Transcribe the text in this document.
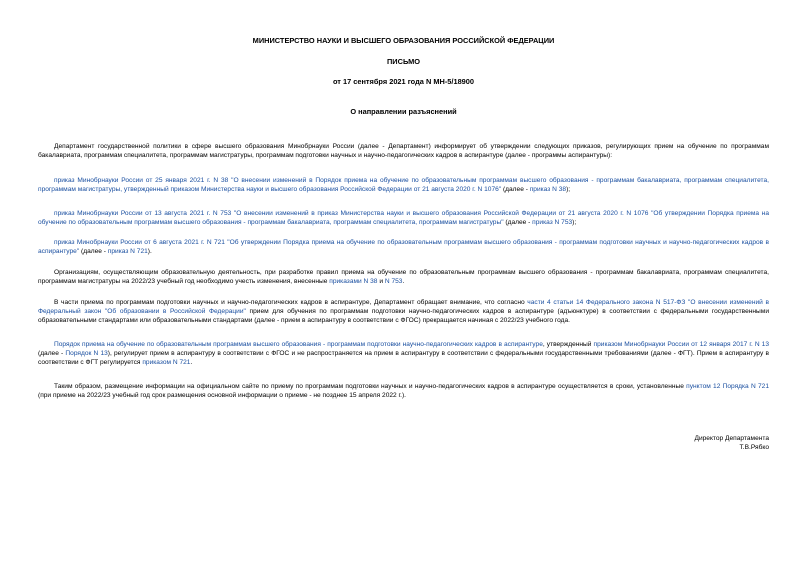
МИНИСТЕРСТВО НАУКИ И ВЫСШЕГО ОБРАЗОВАНИЯ РОССИЙСКОЙ ФЕДЕРАЦИИ
ПИСЬМО
от 17 сентября 2021 года N МН-5/18900
О направлении разъяснений
Департамент государственной политики в сфере высшего образования Минобрнауки России (далее - Департамент) информирует об утверждении следующих приказов, регулирующих прием на обучение по программам бакалавриата, программам специалитета, программам магистратуры, программам подготовки научных и научно-педагогических кадров в аспирантуре (далее - программы аспирантуры):
приказ Минобрнауки России от 25 января 2021 г. N 38 "О внесении изменений в Порядок приема на обучение по образовательным программам высшего образования - программам бакалавриата, программам специалитета, программам магистратуры, утвержденный приказом Министерства науки и высшего образования Российской Федерации от 21 августа 2020 г. N 1076" (далее - приказ N 38);
приказ Минобрнауки России от 13 августа 2021 г. N 753 "О внесении изменений в приказ Министерства науки и высшего образования Российской Федерации от 21 августа 2020 г. N 1076 "Об утверждении Порядка приема на обучение по образовательным программам высшего образования - программам бакалавриата, программам специалитета, программам магистратуры" (далее - приказ N 753);
приказ Минобрнауки России от 6 августа 2021 г. N 721 "Об утверждении Порядка приема на обучение по образовательным программам высшего образования - программам подготовки научных и научно-педагогических кадров в аспирантуре" (далее - приказ N 721).
Организациям, осуществляющим образовательную деятельность, при разработке правил приема на обучение по образовательным программам высшего образования - программам бакалавриата, программам специалитета, программам магистратуры на 2022/23 учебный год необходимо учесть изменения, внесенные приказами N 38 и N 753.
В части приема по программам подготовки научных и научно-педагогических кадров в аспирантуре, Департамент обращает внимание, что согласно части 4 статьи 14 Федерального закона N 517-ФЗ "О внесении изменений в Федеральный закон "Об образовании в Российской Федерации" прием для обучения по программам подготовки научно-педагогических кадров в аспирантуре (адъюнктуре) в соответствии с федеральными государственными образовательными стандартами или образовательными стандартами (далее - прием в аспирантуру в соответствии с ФГОС) прекращается начиная с 2022/23 учебного года.
Порядок приема на обучение по образовательным программам высшего образования - программам подготовки научно-педагогических кадров в аспирантуре, утвержденный приказом Минобрнауки России от 12 января 2017 г. N 13 (далее - Порядок N 13), регулирует прием в аспирантуру в соответствии с ФГОС и не распространяется на прием в аспирантуру в соответствии с федеральными государственными требованиями (далее - ФГТ). Прием в аспирантуру в соответствии с ФГТ регулируется приказом N 721.
Таким образом, размещение информации на официальном сайте по приему по программам подготовки научных и научно-педагогических кадров в аспирантуре осуществляется в сроки, установленные пунктом 12 Порядка N 721 (при приеме на 2022/23 учебный год срок размещения основной информации о приеме - не позднее 15 апреля 2022 г.).
Директор Департамента
Т.В.Рябко
